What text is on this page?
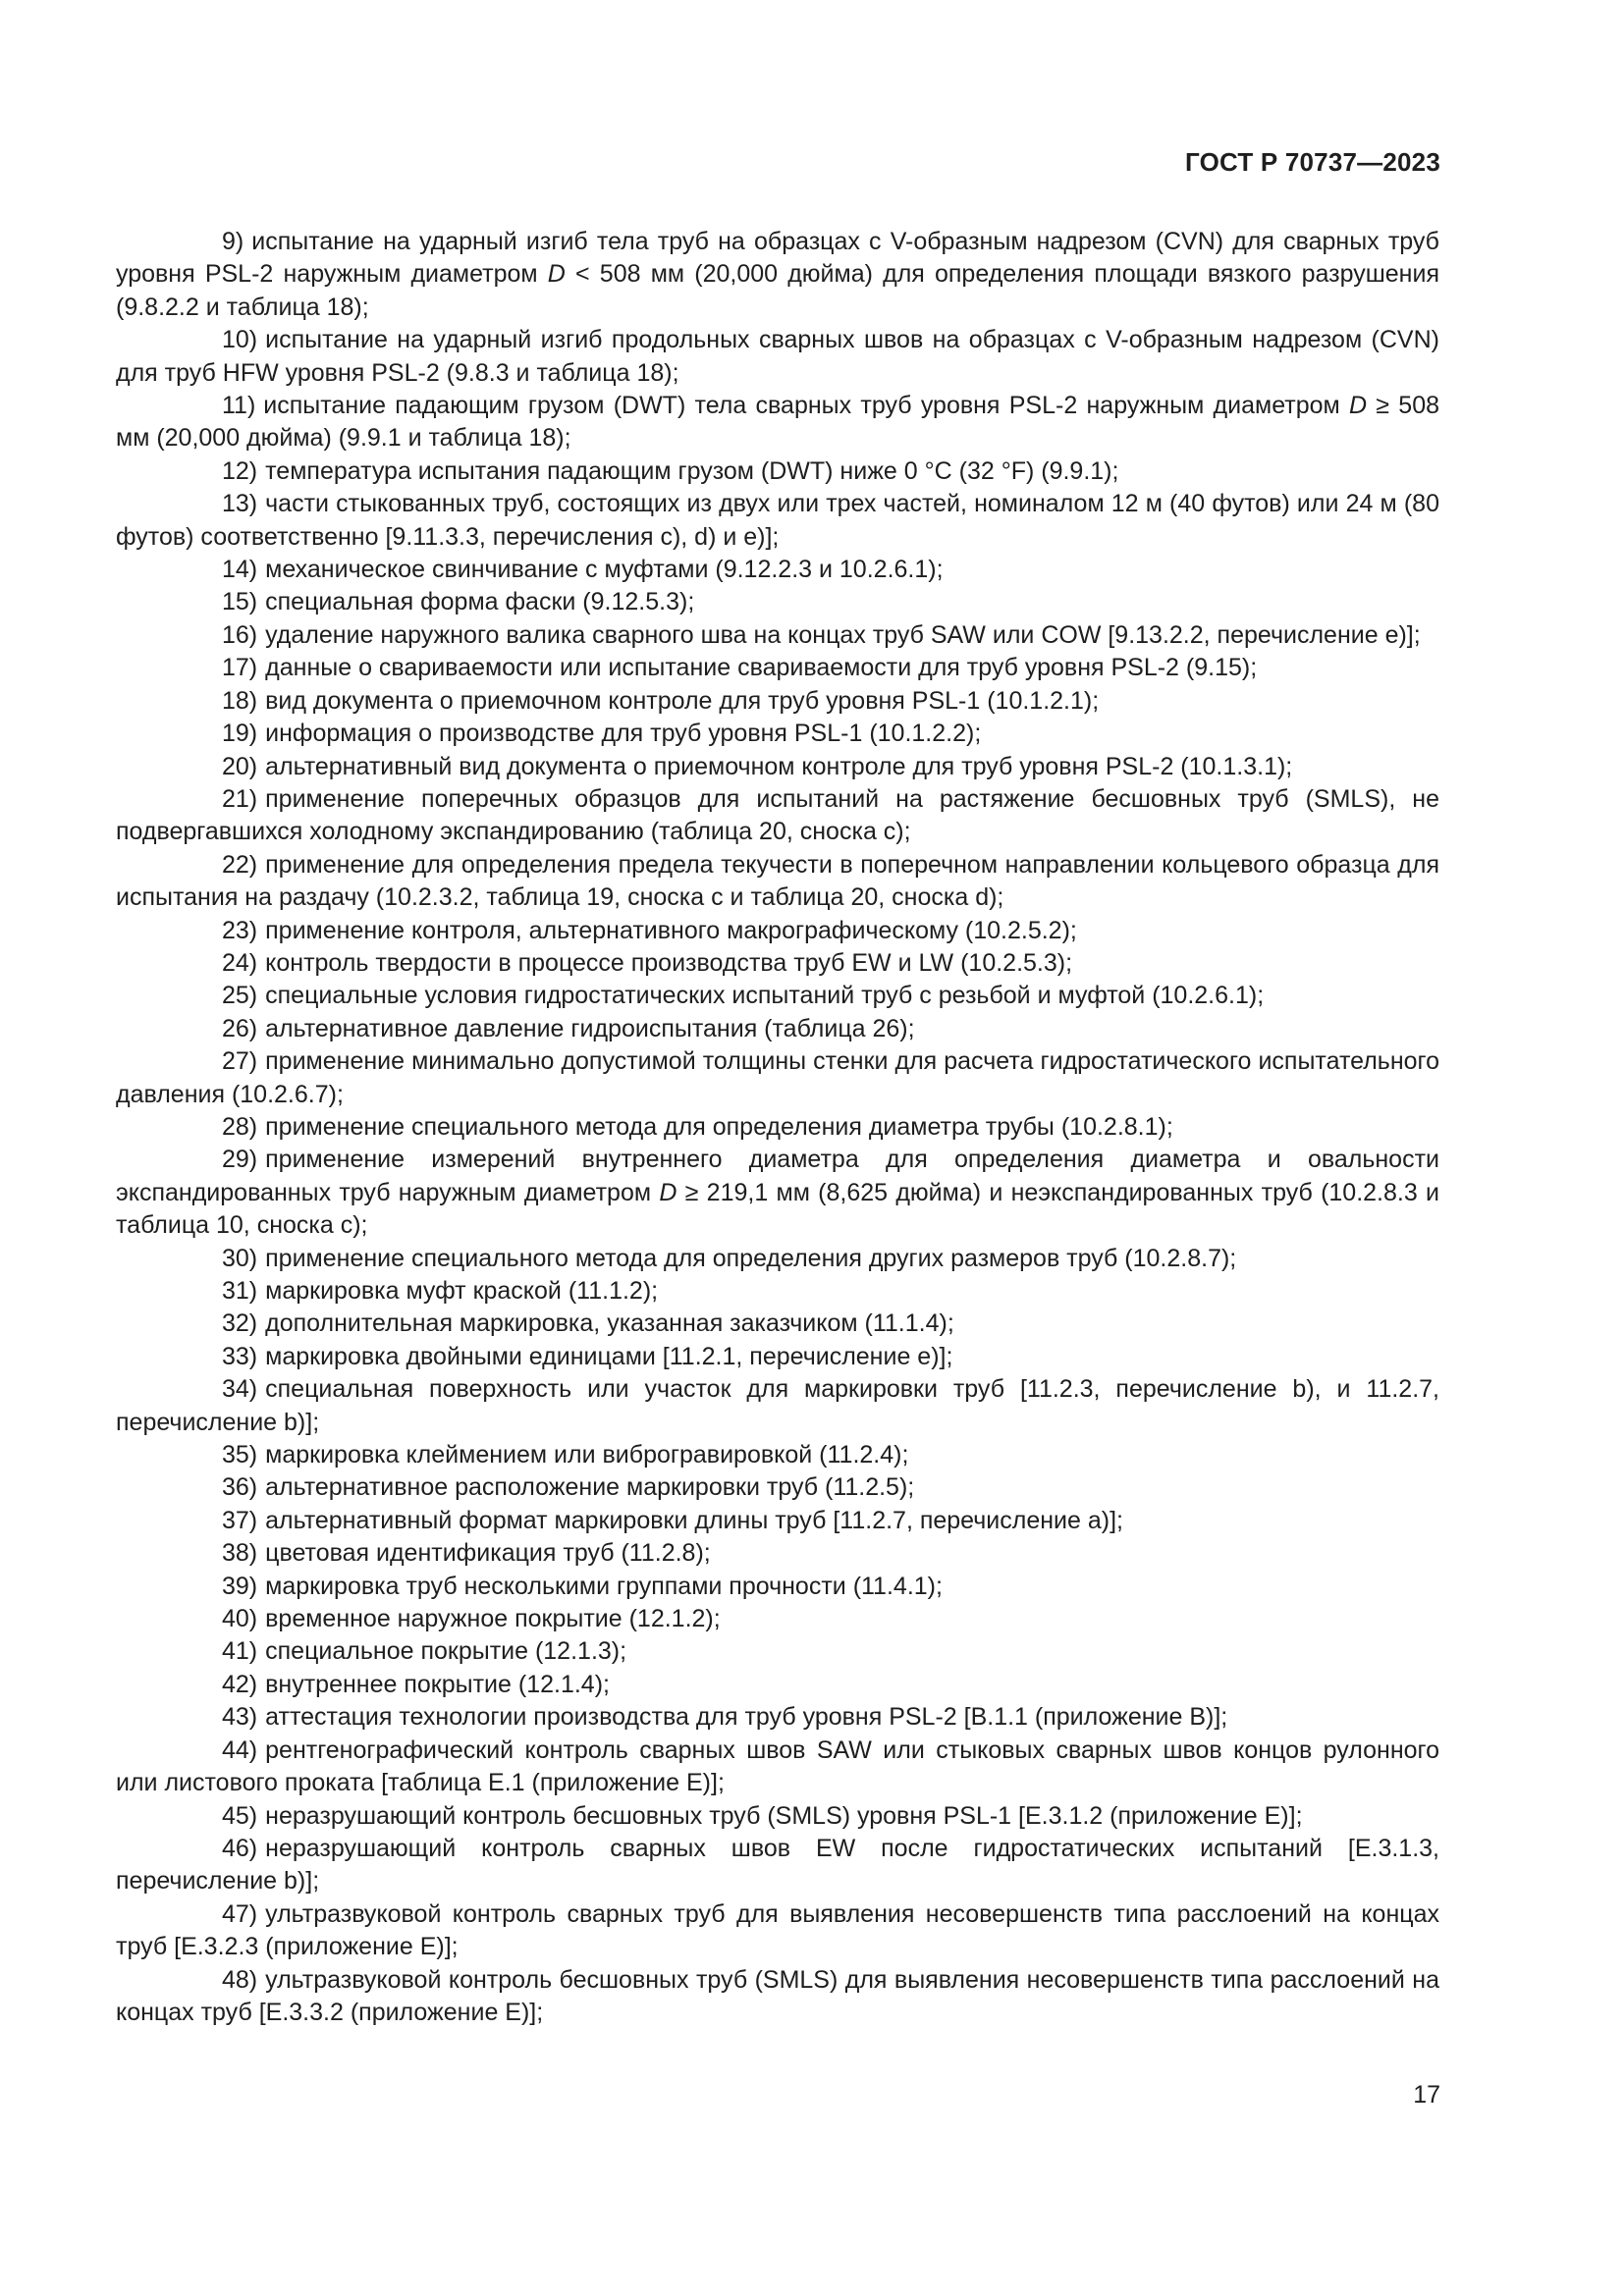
ГОСТ Р 70737—2023

9) испытание на ударный изгиб тела труб на образцах с V-образным надрезом (CVN) для сварных труб уровня PSL-2 наружным диаметром D < 508 мм (20,000 дюйма) для определения площади вязкого разрушения (9.8.2.2 и таблица 18);

10) испытание на ударный изгиб продольных сварных швов на образцах с V-образным надрезом (CVN) для труб HFW уровня PSL-2 (9.8.3 и таблица 18);

11) испытание падающим грузом (DWT) тела сварных труб уровня PSL-2 наружным диаметром D ≥ 508 мм (20,000 дюйма) (9.9.1 и таблица 18);

12) температура испытания падающим грузом (DWT) ниже 0 °С (32 °F) (9.9.1);

13) части стыкованных труб, состоящих из двух или трех частей, номиналом 12 м (40 футов) или 24 м (80 футов) соответственно [9.11.3.3, перечисления с), d) и е)];

14) механическое свинчивание с муфтами (9.12.2.3 и 10.2.6.1);

15) специальная форма фаски (9.12.5.3);

16) удаление наружного валика сварного шва на концах труб SAW или COW [9.13.2.2, перечисление е)];

17) данные о свариваемости или испытание свариваемости для труб уровня PSL-2 (9.15);

18) вид документа о приемочном контроле для труб уровня PSL-1 (10.1.2.1);

19) информация о производстве для труб уровня PSL-1 (10.1.2.2);

20) альтернативный вид документа о приемочном контроле для труб уровня PSL-2 (10.1.3.1);

21) применение поперечных образцов для испытаний на растяжение бесшовных труб (SMLS), не подвергавшихся холодному экспандированию (таблица 20, сноска с);

22) применение для определения предела текучести в поперечном направлении кольцевого образца для испытания на раздачу (10.2.3.2, таблица 19, сноска с и таблица 20, сноска d);

23) применение контроля, альтернативного макрографическому (10.2.5.2);

24) контроль твердости в процессе производства труб EW и LW (10.2.5.3);

25) специальные условия гидростатических испытаний труб с резьбой и муфтой (10.2.6.1);

26) альтернативное давление гидроиспытания (таблица 26);

27) применение минимально допустимой толщины стенки для расчета гидростатического испытательного давления (10.2.6.7);

28) применение специального метода для определения диаметра трубы (10.2.8.1);

29) применение измерений внутреннего диаметра для определения диаметра и овальности экспандированных труб наружным диаметром D ≥ 219,1 мм (8,625 дюйма) и неэкспандированных труб (10.2.8.3 и таблица 10, сноска с);

30) применение специального метода для определения других размеров труб (10.2.8.7);

31) маркировка муфт краской (11.1.2);

32) дополнительная маркировка, указанная заказчиком (11.1.4);

33) маркировка двойными единицами [11.2.1, перечисление е)];

34) специальная поверхность или участок для маркировки труб [11.2.3, перечисление b), и 11.2.7, перечисление b)];

35) маркировка клеймением или виброгравировкой (11.2.4);

36) альтернативное расположение маркировки труб (11.2.5);

37) альтернативный формат маркировки длины труб [11.2.7, перечисление а)];

38) цветовая идентификация труб (11.2.8);

39) маркировка труб несколькими группами прочности (11.4.1);

40) временное наружное покрытие (12.1.2);

41) специальное покрытие (12.1.3);

42) внутреннее покрытие (12.1.4);

43) аттестация технологии производства для труб уровня PSL-2 [В.1.1 (приложение В)];

44) рентгенографический контроль сварных швов SAW или стыковых сварных швов концов рулонного или листового проката [таблица Е.1 (приложение Е)];

45) неразрушающий контроль бесшовных труб (SMLS) уровня PSL-1 [Е.3.1.2 (приложение Е)];

46) неразрушающий контроль сварных швов EW после гидростатических испытаний [Е.3.1.3, перечисление b)];

47) ультразвуковой контроль сварных труб для выявления несовершенств типа расслоений на концах труб [Е.3.2.3 (приложение Е)];

48) ультразвуковой контроль бесшовных труб (SMLS) для выявления несовершенств типа расслоений на концах труб [Е.3.3.2 (приложение Е)];

17
